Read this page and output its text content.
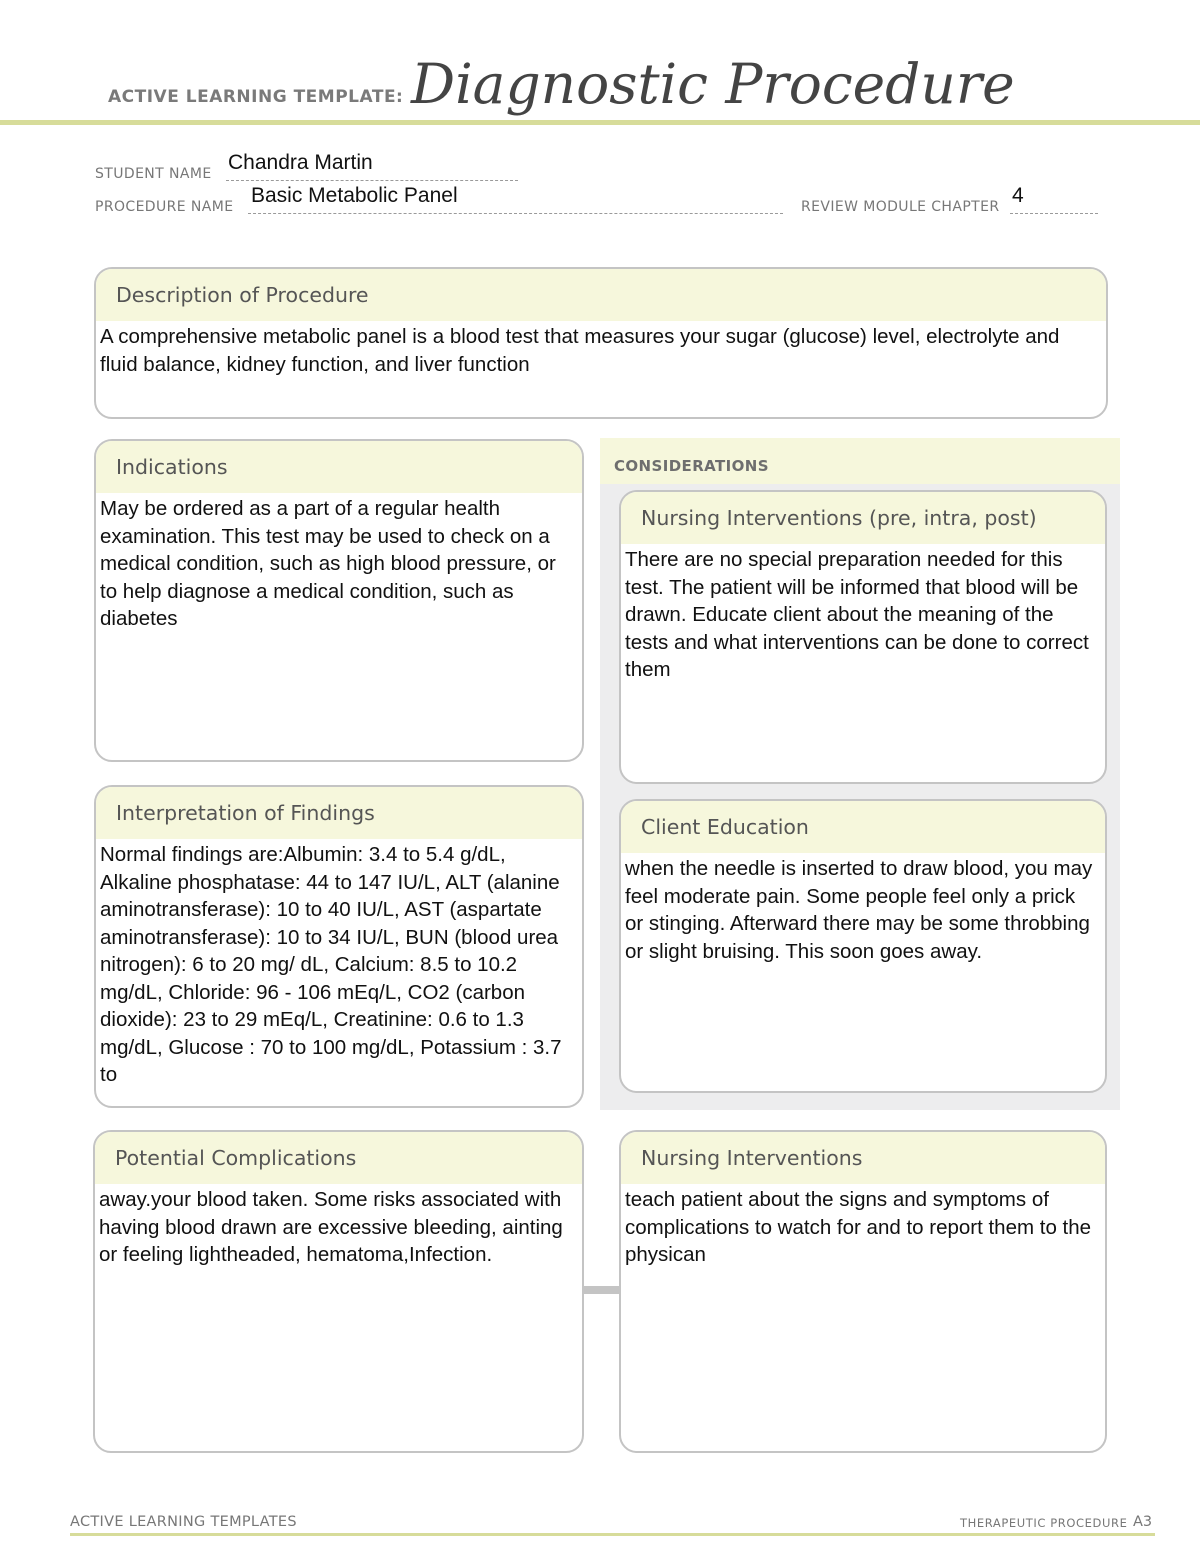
ACTIVE LEARNING TEMPLATE: Diagnostic Procedure
STUDENT NAME Chandra Martin
PROCEDURE NAME Basic Metabolic Panel	REVIEW MODULE CHAPTER 4
Description of Procedure
A comprehensive metabolic panel is a blood test that measures your sugar (glucose) level, electrolyte and fluid balance, kidney function, and liver function
Indications
May be ordered as a part of a regular health examination. This test may be used to check on a medical condition, such as high blood pressure, or to help diagnose a medical condition, such as diabetes
CONSIDERATIONS
Nursing Interventions (pre, intra, post)
There are no special preparation needed for this test. The patient will be informed that blood will be drawn. Educate client about the meaning of the tests and what interventions can be done to correct them
Interpretation of Findings
Normal findings are:Albumin: 3.4 to 5.4 g/dL, Alkaline phosphatase: 44 to 147 IU/L, ALT (alanine aminotransferase): 10 to 40 IU/L, AST (aspartate aminotransferase): 10 to 34 IU/L, BUN (blood urea nitrogen): 6 to 20 mg/ dL, Calcium: 8.5 to 10.2 mg/dL, Chloride: 96 - 106 mEq/L, CO2 (carbon dioxide): 23 to 29 mEq/L, Creatinine: 0.6 to 1.3 mg/dL, Glucose : 70 to 100 mg/dL, Potassium : 3.7 to
Client Education
when the needle is inserted to draw blood, you may feel moderate pain. Some people feel only a prick or stinging. Afterward there may be some throbbing or slight bruising. This soon goes away.
Potential Complications
away.your blood taken. Some risks associated with having blood drawn are excessive bleeding, ainting or feeling lightheaded, hematoma,Infection.
Nursing Interventions
teach patient about the signs and symptoms of complications to watch for and to report them to the physican
ACTIVE LEARNING TEMPLATES	THERAPEUTIC PROCEDURE A3
